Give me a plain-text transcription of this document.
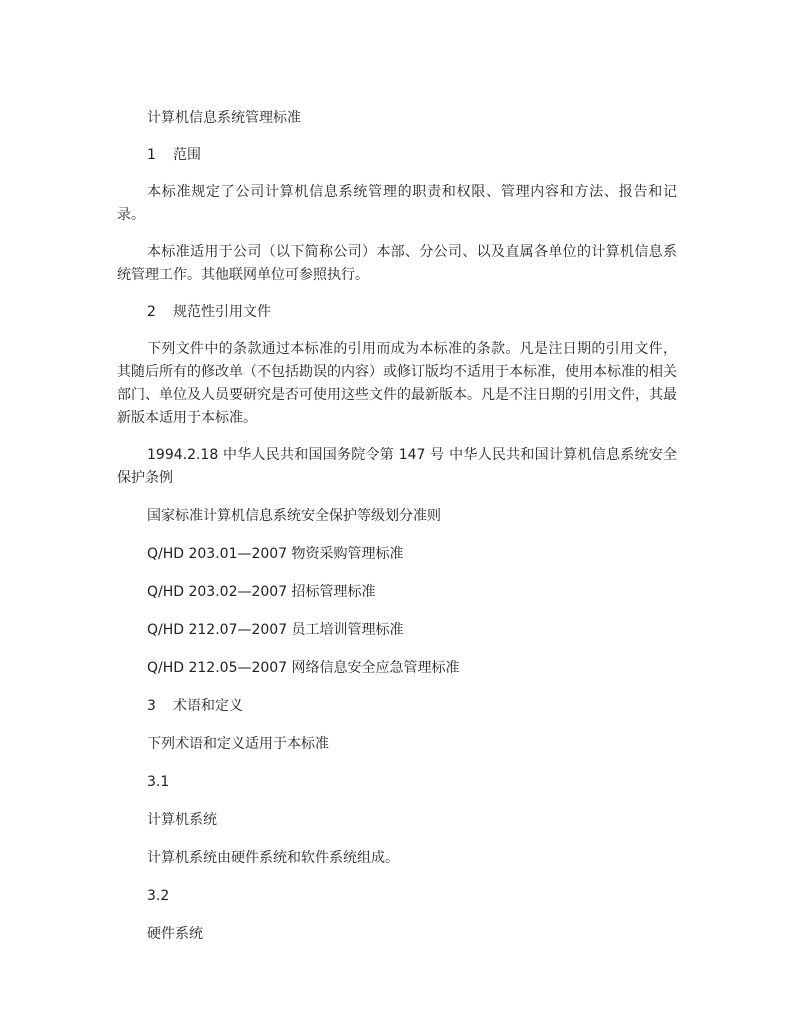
计算机信息系统管理标准

1 范围

本标准规定了公司计算机信息系统管理的职责和权限、管理内容和方法、报告和记录。

本标准适用于公司（以下简称公司）本部、分公司、以及直属各单位的计算机信息系统管理工作。其他联网单位可参照执行。

2 规范性引用文件

下列文件中的条款通过本标准的引用而成为本标准的条款。凡是注日期的引用文件，其随后所有的修改单（不包括勘误的内容）或修订版均不适用于本标准，使用本标准的相关部门、单位及人员要研究是否可使用这些文件的最新版本。凡是不注日期的引用文件，其最新版本适用于本标准。

1994.2.18 中华人民共和国国务院令第 147 号 中华人民共和国计算机信息系统安全保护条例

国家标准计算机信息系统安全保护等级划分准则

Q/HD 203.01—2007 物资采购管理标准

Q/HD 203.02—2007 招标管理标准

Q/HD 212.07—2007 员工培训管理标准

Q/HD 212.05—2007 网络信息安全应急管理标准

3 术语和定义

下列术语和定义适用于本标准

3.1

计算机系统

计算机系统由硬件系统和软件系统组成。

3.2

硬件系统
